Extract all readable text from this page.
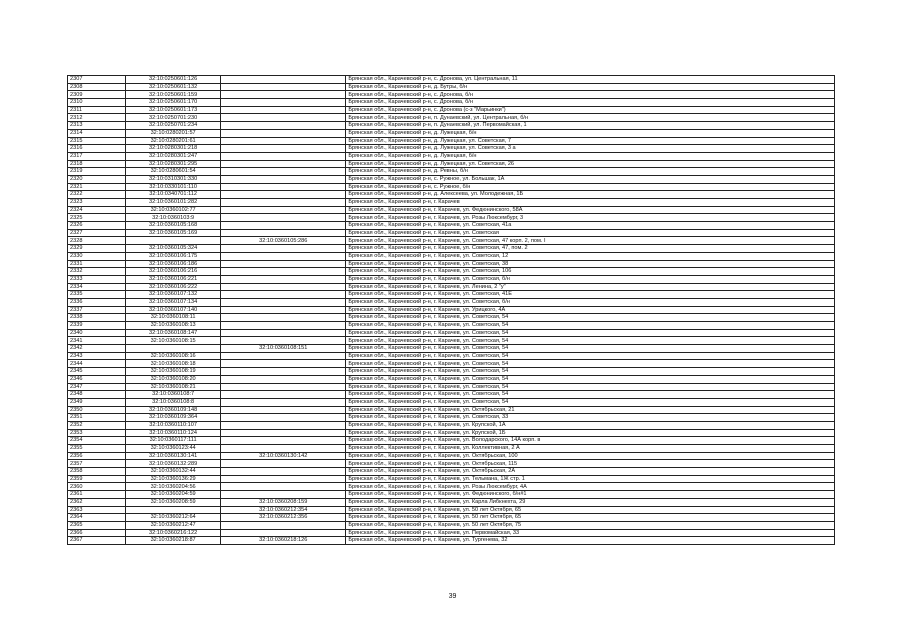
2307	32:10:0250601:126		Брянская обл., Карачевский р-н, с. Дронова, ул. Центральная, 11
2308	32:10:0250601:132		Брянская обл., Карачевский р-н, д. Бутры, б/н
2309	32:10:0250601:159		Брянская обл., Карачевский р-н, с. Дронова, б/н
2310	32:10:0250601:170		Брянская обл., Карачевский р-н, с. Дронова, б/н
2311	32:10:0250601:173		Брянская обл., Карачевский р-н, с. Дронова (с-з "Марьинки")
2312	32:10:0250701:230		Брянская обл., Карачевский р-н, п. Дунаевский, ул. Центральная, б/н
2313	32:10:0250701:234		Брянская обл., Карачевский р-н, п. Дунаевский, ул. Первомайская, 1
2314	32:10:0280201:57		Брянская обл., Карачевский р-н, д. Лужецкая, б/н
2315	32:10:0280201:61		Брянская обл., Карачевский р-н, д. Лужецкая, ул. Советская, 7
2316	32:10:0280301:218		Брянская обл., Карачевский р-н, д. Лужецкая, ул. Советская, 3 а
2317	32:10:0280301:247		Брянская обл., Карачевский р-н, д. Лужецкая, б/н
2318	32:10:0280301:295		Брянская обл., Карачевский р-н, д. Лужецкая, ул. Советская, 26
2319	32:10:0280601:54		Брянская обл., Карачевский р-н, д. Ревны, б/н
2320	32:10:0310301:330		Брянская обл., Карачевский р-н, с. Ружное, ул. Большак, 1А
2321	32:10:0330101:110		Брянская обл., Карачевский р-н, с. Ружное, б/н
2322	32:10:0340701:112		Брянская обл., Карачевский р-н, д. Алексеева, ул. Молодежная, 1Б
2323	32:10:0360101:282		Брянская обл., Карачевский р-н, г. Карачев
2324	32:10:0360102:77		Брянская обл., Карачевский р-н, г. Карачев, ул. Федюнинского, 58А
2325	32:10:0360103:9		Брянская обл., Карачевский р-н, г. Карачев, ул. Розы Люксембург, 3
2326	32:10:0360105:168		Брянская обл., Карачевский р-н, г. Карачев, ул. Советская, 41а
2327	32:10:0360105:169		Брянская обл., Карачевский р-н, г. Карачев, ул. Советская
2328		32:10:0360105:286	Брянская обл., Карачевский р-н, г. Карачев, ул. Советская, 47 корп. 2, пом. I
2329	32:10:0360105:324		Брянская обл., Карачевский р-н, г. Карачев, ул. Советская, 47, пом. 2
2330	32:10:0360106:175		Брянская обл., Карачевский р-н, г. Карачев, ул. Советская, 12
2331	32:10:0360106:186		Брянская обл., Карачевский р-н, г. Карачев, ул. Советская, 38
2332	32:10:0360106:216		Брянская обл., Карачевский р-н, г. Карачев, ул. Советская, 106
2333	32:10:0360106:221		Брянская обл., Карачевский р-н, г. Карачев, ул. Советская, б/н
2334	32:10:0360106:222		Брянская обл., Карачевский р-н, г. Карачев, ул. Ленина, 2 "у"
2335	32:10:0360107:132		Брянская обл., Карачевский р-н, г. Карачев, ул. Советская, 41Е
2336	32:10:0360107:134		Брянская обл., Карачевский р-н, г. Карачев, ул. Советская, б/н
2337	32:10:0360107:140		Брянская обл., Карачевский р-н, г. Карачев, ул. Урицкого, 4А
2338	32:10:0360108:11		Брянская обл., Карачевский р-н, г. Карачев, ул. Советская, 54
2339	32:10:0360108:13		Брянская обл., Карачевский р-н, г. Карачев, ул. Советская, 54
2340	32:10:0360108:147		Брянская обл., Карачевский р-н, г. Карачев, ул. Советская, 54
2341	32:10:0360108:15		Брянская обл., Карачевский р-н, г. Карачев, ул. Советская, 54
2342		32:10:0360108:151	Брянская обл., Карачевский р-н, г. Карачев, ул. Советская, 54
2343	32:10:0360108:16		Брянская обл., Карачевский р-н, г. Карачев, ул. Советская, 54
2344	32:10:0360108:18		Брянская обл., Карачевский р-н, г. Карачев, ул. Советская, 54
2345	32:10:0360108:19		Брянская обл., Карачевский р-н, г. Карачев, ул. Советская, 54
2346	32:10:0360108:20		Брянская обл., Карачевский р-н, г. Карачев, ул. Советская, 54
2347	32:10:0360108:21		Брянская обл., Карачевский р-н, г. Карачев, ул. Советская, 54
2348	32:10:0360108:7		Брянская обл., Карачевский р-н, г. Карачев, ул. Советская, 54
2349	32:10:0360108:8		Брянская обл., Карачевский р-н, г. Карачев, ул. Советская, 54
2350	32:10:0360109:148		Брянская обл., Карачевский р-н, г. Карачев, ул. Октябрьская, 21
2351	32:10:0360109:364		Брянская обл., Карачевский р-н, г. Карачев, ул. Советская, 33
2352	32:10:0360110:107		Брянская обл., Карачевский р-н, г. Карачев, ул. Крупской, 1А
2353	32:10:0360110:124		Брянская обл., Карачевский р-н, г. Карачев, ул. Крупской, 1Б
2354	32:10:0360117:111		Брянская обл., Карачевский р-н, г. Карачев, ул. Володарского, 14А корп. в
2355	32:10:0360123:44		Брянская обл., Карачевский р-н, г. Карачев, ул. Коллективная, 2 А
2356	32:10:0360130:141	32:10:0360130:142	Брянская обл., Карачевский р-н, г. Карачев, ул. Октябрьская, 100
2357	32:10:0360132:289		Брянская обл., Карачевский р-н, г. Карачев, ул. Октябрьская, 115
2358	32:10:0360132:44		Брянская обл., Карачевский р-н, г. Карачев, ул. Октябрьская, 2А
2359	32:10:0360136:29		Брянская обл., Карачевский р-н, г. Карачев, ул. Тельмана, 1Ж стр. 1
2360	32:10:0360204:56		Брянская обл., Карачевский р-н, г. Карачев, ул. Розы Люксембург, 4А
2361	32:10:0360204:59		Брянская обл., Карачевский р-н, г. Карачев, ул. Федюнинского, б/н#1
2362	32:10:0360208:59	32:10:0360208:159	Брянская обл., Карачевский р-н, г. Карачев, ул. Карла Либкнехта, 29
2363		32:10:0360212:354	Брянская обл., Карачевский р-н, г. Карачев, ул. 50 лет Октября, 65
2364	32:10:0360212:64	32:10:0360212:356	Брянская обл., Карачевский р-н, г. Карачев, ул. 50 лет Октября, 65
2365	32:10:0360212:47		Брянская обл., Карачевский р-н, г. Карачев, ул. 50 лет Октября, 75
2366	32:10:0360216:122		Брянская обл., Карачевский р-н, г. Карачев, ул. Первомайская, 33
2367	32:10:0360218:87	32:10:0360218:126	Брянская обл., Карачевский р-н, г. Карачев, ул. Тургенева, 32
39
